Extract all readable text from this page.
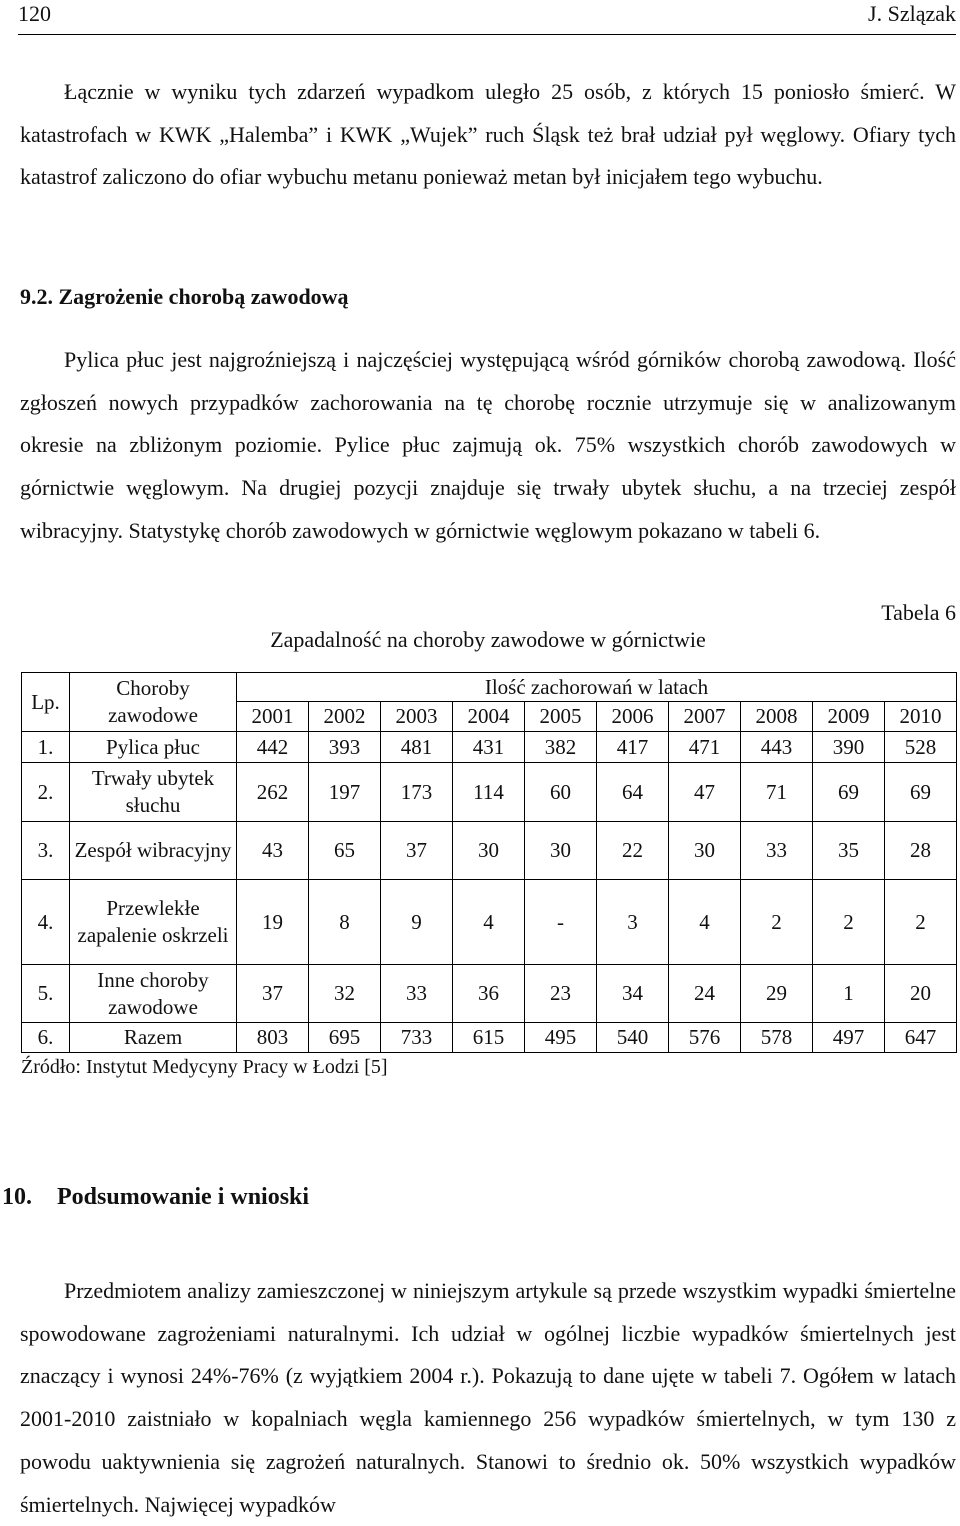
120	J. Szlązak

Łącznie w wyniku tych zdarzeń wypadkom uległo 25 osób, z których 15 poniosło śmierć. W katastrofach w KWK „Halemba” i KWK „Wujek” ruch Śląsk też brał udział pył węglowy. Ofiary tych katastrof zaliczono do ofiar wybuchu metanu ponieważ metan był inicjałem tego wybuchu.

9.2. Zagrożenie chorobą zawodową

Pylica płuc jest najgroźniejszą i najczęściej występującą wśród górników chorobą zawodową. Ilość zgłoszeń nowych przypadków zachorowania na tę chorobę rocznie utrzymuje się w analizowanym okresie na zbliżonym poziomie. Pylice płuc zajmują ok. 75% wszystkich chorób zawodowych w górnictwie węglowym. Na drugiej pozycji znajduje się trwały ubytek słuchu, a na trzeciej zespół wibracyjny. Statystykę chorób zawodowych w górnictwie węglowym pokazano w tabeli 6.

Tabela 6
Zapadalność na choroby zawodowe w górnictwie
Lp.	Choroby zawodowe	Ilość zachorowań w latach									
		2001	2002	2003	2004	2005	2006	2007	2008	2009	2010
1.	Pylica płuc	442	393	481	431	382	417	471	443	390	528
2.	Trwały ubytek słuchu	262	197	173	114	60	64	47	71	69	69
3.	Zespół wibracyjny	43	65	37	30	30	22	30	33	35	28
4.	Przewlekłe zapalenie oskrzeli	19	8	9	4	-	3	4	2	2	2
5.	Inne choroby zawodowe	37	32	33	36	23	34	24	29	1	20
6.	Razem	803	695	733	615	495	540	576	578	497	647
Źródło: Instytut Medycyny Pracy w Łodzi [5]
10. Podsumowanie i wnioski

Przedmiotem analizy zamieszczonej w niniejszym artykule są przede wszystkim wypadki śmiertelne spowodowane zagrożeniami naturalnymi. Ich udział w ogólnej liczbie wypadków śmiertelnych jest znaczący i wynosi 24%-76% (z wyjątkiem 2004 r.). Pokazują to dane ujęte w tabeli 7. Ogółem w latach 2001-2010 zaistniało w kopalniach węgla kamiennego 256 wypadków śmiertelnych, w tym 130 z powodu uaktywnienia się zagrożeń naturalnych. Stanowi to średnio ok. 50% wszystkich wypadków śmiertelnych. Najwięcej wypadków
